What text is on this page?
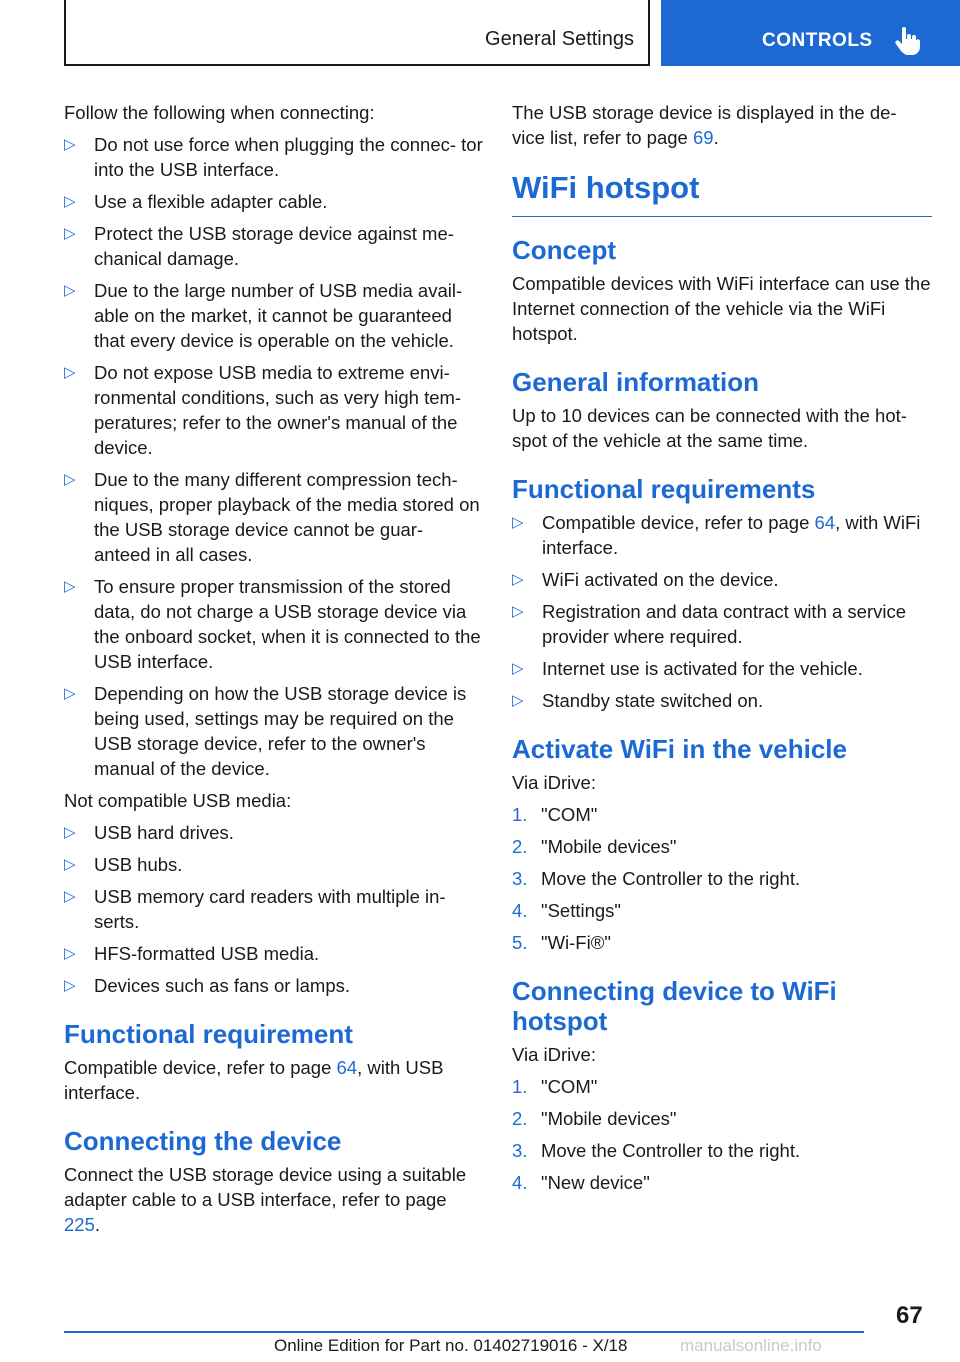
General Settings	CONTROLS

Follow the following when connecting:

▷ Do not use force when plugging the connec‐ tor into the USB interface.
▷ Use a flexible adapter cable.
▷ Protect the USB storage device against me‐ chanical damage.
▷ Due to the large number of USB media avail‐ able on the market, it cannot be guaranteed that every device is operable on the vehicle.
▷ Do not expose USB media to extreme envi‐ ronmental conditions, such as very high tem‐ peratures; refer to the owner's manual of the device.
▷ Due to the many different compression tech‐ niques, proper playback of the media stored on the USB storage device cannot be guar‐ anteed in all cases.
▷ To ensure proper transmission of the stored data, do not charge a USB storage device via the onboard socket, when it is connected to the USB interface.
▷ Depending on how the USB storage device is being used, settings may be required on the USB storage device, refer to the owner's manual of the device.

Not compatible USB media:

▷ USB hard drives.
▷ USB hubs.
▷ USB memory card readers with multiple in‐ serts.
▷ HFS-formatted USB media.
▷ Devices such as fans or lamps.
Functional requirement

Compatible device, refer to page 64, with USB interface.

Connecting the device

Connect the USB storage device using a suitable adapter cable to a USB interface, refer to page 225.

The USB storage device is displayed in the de‐ vice list, refer to page 69.

WiFi hotspot
Concept

Compatible devices with WiFi interface can use the Internet connection of the vehicle via the WiFi hotspot.

General information

Up to 10 devices can be connected with the hot‐ spot of the vehicle at the same time.

Functional requirements
▷ Compatible device, refer to page 64, with WiFi interface.
▷ WiFi activated on the device.
▷ Registration and data contract with a service provider where required.
▷ Internet use is activated for the vehicle.
▷ Standby state switched on.
Activate WiFi in the vehicle

Via iDrive:

1. "COM"
2. "Mobile devices"
3. Move the Controller to the right.
4. "Settings"
5. "Wi-Fi®"
Connecting device to WiFi hotspot

Via iDrive:

1. "COM"
2. "Mobile devices"
3. Move the Controller to the right.
4. "New device"
67
Online Edition for Part no. 01402719016 - X/18	manualsonline.info
